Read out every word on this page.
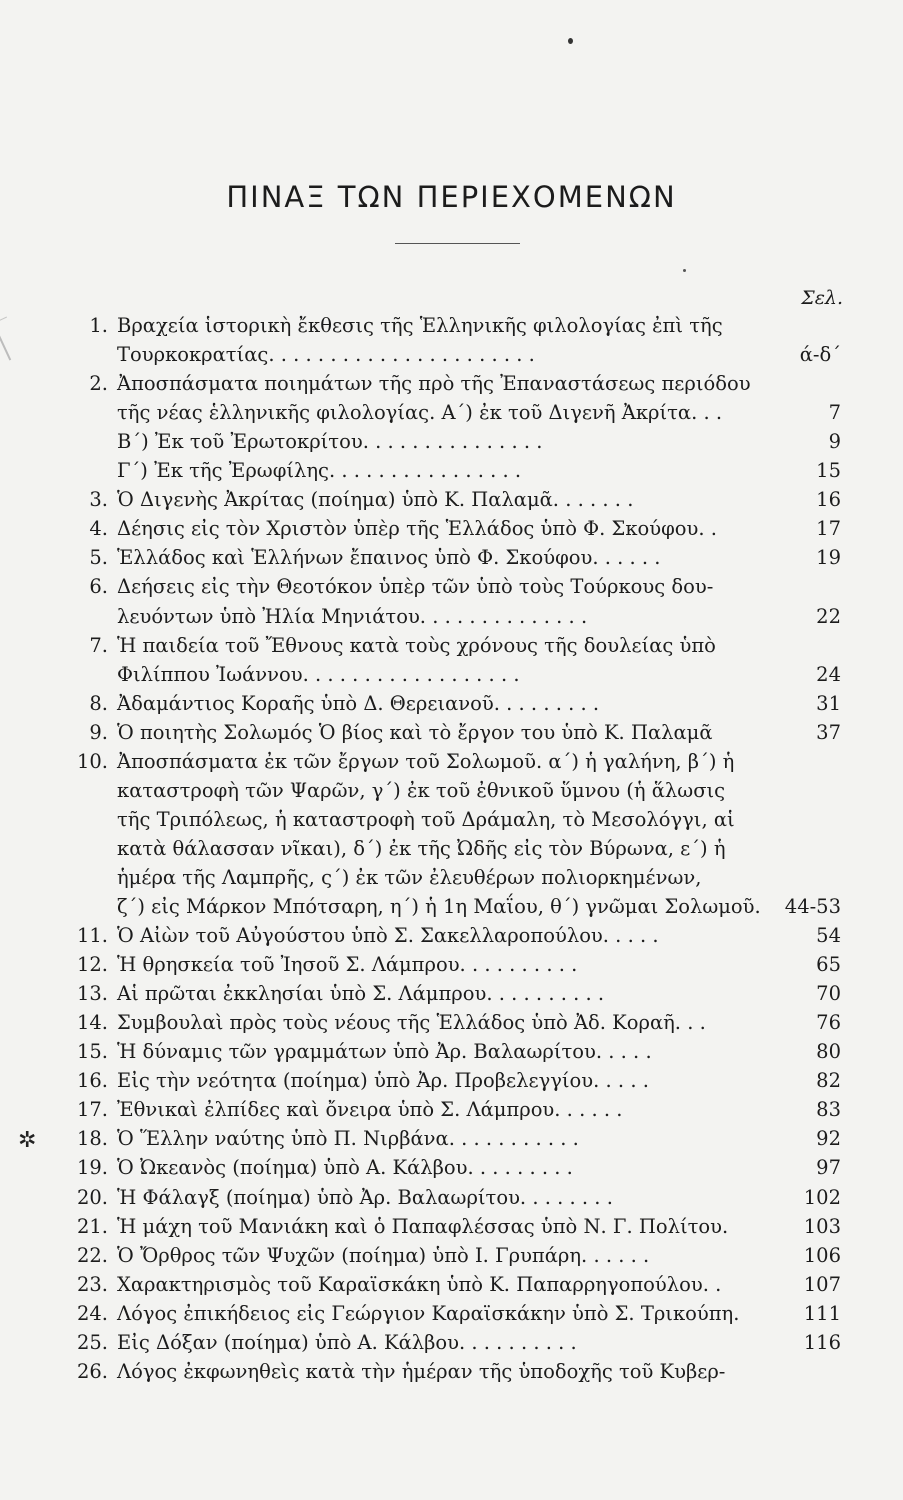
✲
ΠΙΝΑΞ ΤΩΝ ΠΕΡΙΕΧΟΜΕΝΩΝ
Σελ.
1. Βραχεία ἱστορικὴ ἔκθεσις τῆς Ἑλληνικῆς φιλολογίας ἐπὶ τῆς
Τουρκοκρατίας. . . . . . . . . . . . . . . . . . . . . .	ά-δ΄
2. Ἀποσπάσματα ποιημάτων τῆς πρὸ τῆς Ἐπαναστάσεως περιόδου
τῆς νέας ἑλληνικῆς φιλολογίας. Α΄) ἐκ τοῦ Διγενῆ Ἀκρίτα. . .	7
Β΄) Ἐκ τοῦ Ἐρωτοκρίτου. . . . . . . . . . . . . . .	9
Γ΄) Ἐκ τῆς Ἐρωφίλης. . . . . . . . . . . . . . . .	15
3. Ὁ Διγενὴς Ἀκρίτας (ποίημα) ὑπὸ Κ. Παλαμᾶ. . . . . . .	16
4. Δέησις εἰς τὸν Χριστὸν ὑπὲρ τῆς Ἑλλάδος ὑπὸ Φ. Σκούφου. .	17
5. Ἑλλάδος καὶ Ἑλλήνων ἔπαινος ὑπὸ Φ. Σκούφου. . . . . .	19
6. Δεήσεις εἰς τὴν Θεοτόκον ὑπὲρ τῶν ὑπὸ τοὺς Τούρκους δου-
λευόντων ὑπὸ Ἠλία Μηνιάτου. . . . . . . . . . . . . .	22
7. Ἡ παιδεία τοῦ Ἔθνους κατὰ τοὺς χρόνους τῆς δουλείας ὑπὸ
Φιλίππου Ἰωάννου. . . . . . . . . . . . . . . . . .	24
8. Ἀδαμάντιος Κοραῆς ὑπὸ Δ. Θερειανοῦ. . . . . . . . .	31
9. Ὁ ποιητὴς Σολωμός Ὁ βίος καὶ τὸ ἔργον του ὑπὸ Κ. Παλαμᾶ	37
10. Ἀποσπάσματα ἐκ τῶν ἔργων τοῦ Σολωμοῦ. α΄) ἡ γαλήνη, β΄) ἡ
καταστροφὴ τῶν Ψαρῶν, γ΄) ἐκ τοῦ ἐθνικοῦ ὕμνου (ἡ ἅλωσις
τῆς Τριπόλεως, ἡ καταστροφὴ τοῦ Δράμαλη, τὸ Μεσολόγγι, αἱ
κατὰ θάλασσαν νῖκαι), δ΄) ἐκ τῆς Ὠδῆς εἰς τὸν Βύρωνα, ε΄) ἡ
ἡμέρα τῆς Λαμπρῆς, ς΄) ἐκ τῶν ἐλευθέρων πολιορκημένων,
ζ΄) εἰς Μάρκον Μπότσαρη, η΄) ἡ 1η Μαΐου, θ΄) γνῶμαι Σολωμοῦ. 44-53
11. Ὁ Αἰὼν τοῦ Αὐγούστου ὑπὸ Σ. Σακελλαροπούλου. . . . .	54
12. Ἡ θρησκεία τοῦ Ἰησοῦ Σ. Λάμπρου. . . . . . . . . .	65
13. Αἱ πρῶται ἐκκλησίαι ὑπὸ Σ. Λάμπρου. . . . . . . . . .	70
14. Συμβουλαὶ πρὸς τοὺς νέους τῆς Ἑλλάδος ὑπὸ Ἀδ. Κοραῆ. . .	76
15. Ἡ δύναμις τῶν γραμμάτων ὑπὸ Ἀρ. Βαλαωρίτου. . . . .	80
16. Εἰς τὴν νεότητα (ποίημα) ὑπὸ Ἀρ. Προβελεγγίου. . . . .	82
17. Ἐθνικαὶ ἐλπίδες καὶ ὄνειρα ὑπὸ Σ. Λάμπρου. . . . . .	83
18. Ὁ Ἕλλην ναύτης ὑπὸ Π. Νιρβάνα. . . . . . . . . . .	92
19. Ὁ Ὠκεανὸς (ποίημα) ὑπὸ Α. Κάλβου. . . . . . . . .	97
20. Ἡ Φάλαγξ (ποίημα) ὑπὸ Ἀρ. Βαλαωρίτου. . . . . . . .	102
21. Ἡ μάχη τοῦ Μανιάκη καὶ ὁ Παπαφλέσσας ὑπὸ Ν. Γ. Πολίτου.	103
22. Ὁ Ὄρθρος τῶν Ψυχῶν (ποίημα) ὑπὸ Ι. Γρυπάρη. . . . . .	106
23. Χαρακτηρισμὸς τοῦ Καραϊσκάκη ὑπὸ Κ. Παπαρρηγοπούλου. .	107
24. Λόγος ἐπικήδειος εἰς Γεώργιον Καραϊσκάκην ὑπὸ Σ. Τρικούπη.	111
25. Εἰς Δόξαν (ποίημα) ὑπὸ Α. Κάλβου. . . . . . . . . .	116
26. Λόγος ἐκφωνηθεὶς κατὰ τὴν ἡμέραν τῆς ὑποδοχῆς τοῦ Κυβερ-
